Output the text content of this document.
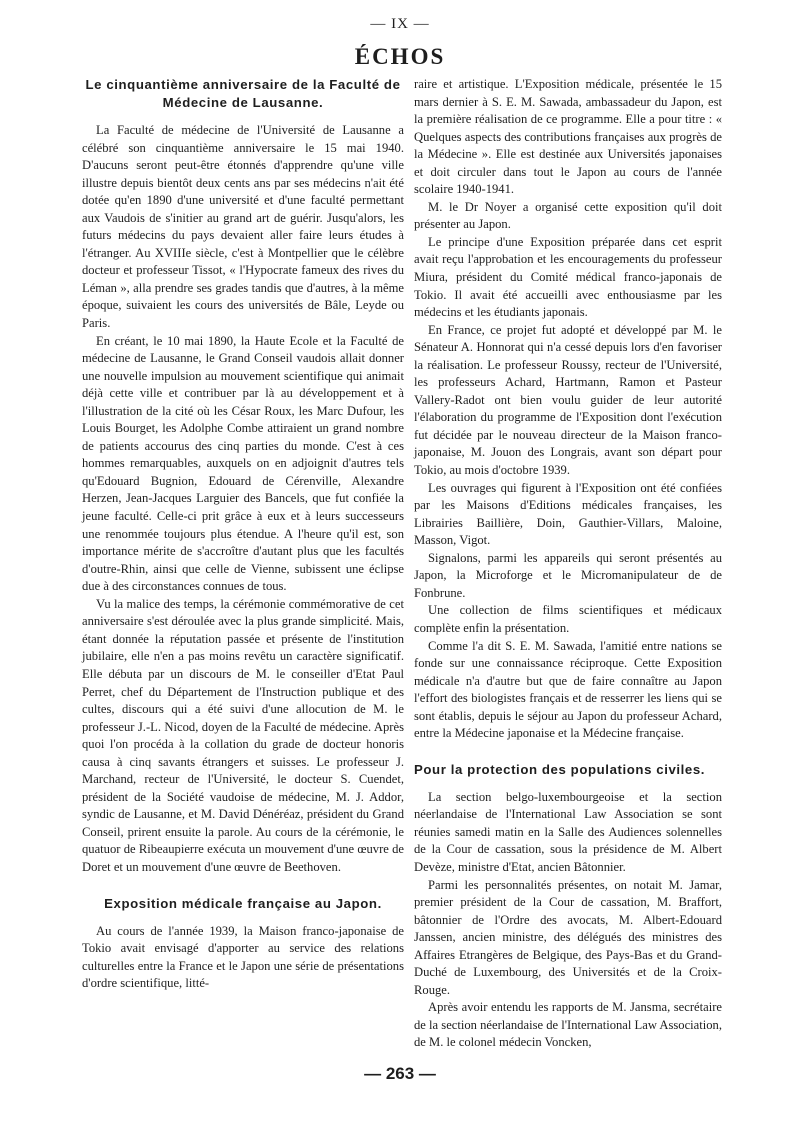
— IX —
ÉCHOS
Le cinquantième anniversaire de la Faculté de Médecine de Lausanne.

La Faculté de médecine de l'Université de Lausanne a célébré son cinquantième anniversaire le 15 mai 1940. D'aucuns seront peut-être étonnés d'apprendre qu'une ville illustre depuis bientôt deux cents ans par ses médecins n'ait été dotée qu'en 1890 d'une université et d'une faculté permettant aux Vaudois de s'initier au grand art de guérir. Jusqu'alors, les futurs médecins du pays devaient aller faire leurs études à l'étranger. Au XVIIIe siècle, c'est à Montpellier que le célèbre docteur et professeur Tissot, « l'Hypocrate fameux des rives du Léman », alla prendre ses grades tandis que d'autres, à la même époque, suivaient les cours des universités de Bâle, Leyde ou Paris.

En créant, le 10 mai 1890, la Haute Ecole et la Faculté de médecine de Lausanne, le Grand Conseil vaudois allait donner une nouvelle impulsion au mouvement scientifique qui animait déjà cette ville et contribuer par là au développement et à l'illustration de la cité où les César Roux, les Marc Dufour, les Louis Bourget, les Adolphe Combe attiraient un grand nombre de patients accourus des cinq parties du monde. C'est à ces hommes remarquables, auxquels on en adjoignit d'autres tels qu'Edouard Bugnion, Edouard de Cérenville, Alexandre Herzen, Jean-Jacques Larguier des Bancels, que fut confiée la jeune faculté. Celle-ci prit grâce à eux et à leurs successeurs une renommée toujours plus étendue. A l'heure qu'il est, son importance mérite de s'accroître d'autant plus que les facultés d'outre-Rhin, ainsi que celle de Vienne, subissent une éclipse due à des circonstances connues de tous.

Vu la malice des temps, la cérémonie commémorative de cet anniversaire s'est déroulée avec la plus grande simplicité. Mais, étant donnée la réputation passée et présente de l'institution jubilaire, elle n'en a pas moins revêtu un caractère significatif. Elle débuta par un discours de M. le conseiller d'Etat Paul Perret, chef du Département de l'Instruction publique et des cultes, discours qui a été suivi d'une allocution de M. le professeur J.-L. Nicod, doyen de la Faculté de médecine. Après quoi l'on procéda à la collation du grade de docteur honoris causa à cinq savants étrangers et suisses. Le professeur J. Marchand, recteur de l'Université, le docteur S. Cuendet, président de la Société vaudoise de médecine, M. J. Addor, syndic de Lausanne, et M. David Dénéréaz, président du Grand Conseil, prirent ensuite la parole. Au cours de la cérémonie, le quatuor de Ribeaupierre exécuta un mouvement d'une œuvre de Doret et un mouvement d'une œuvre de Beethoven.

Exposition médicale française au Japon.

Au cours de l'année 1939, la Maison franco-japonaise de Tokio avait envisagé d'apporter au service des relations culturelles entre la France et le Japon une série de présentations d'ordre scientifique, litté-

raire et artistique. L'Exposition médicale, présentée le 15 mars dernier à S. E. M. Sawada, ambassadeur du Japon, est la première réalisation de ce programme. Elle a pour titre : « Quelques aspects des contributions françaises aux progrès de la Médecine ». Elle est destinée aux Universités japonaises et doit circuler dans tout le Japon au cours de l'année scolaire 1940-1941.

M. le Dr Noyer a organisé cette exposition qu'il doit présenter au Japon.

Le principe d'une Exposition préparée dans cet esprit avait reçu l'approbation et les encouragements du professeur Miura, président du Comité médical franco-japonais de Tokio. Il avait été accueilli avec enthousiasme par les médecins et les étudiants japonais.

En France, ce projet fut adopté et développé par M. le Sénateur A. Honnorat qui n'a cessé depuis lors d'en favoriser la réalisation. Le professeur Roussy, recteur de l'Université, les professeurs Achard, Hartmann, Ramon et Pasteur Vallery-Radot ont bien voulu guider de leur autorité l'élaboration du programme de l'Exposition dont l'exécution fut décidée par le nouveau directeur de la Maison franco-japonaise, M. Jouon des Longrais, avant son départ pour Tokio, au mois d'octobre 1939.

Les ouvrages qui figurent à l'Exposition ont été confiées par les Maisons d'Editions médicales françaises, les Librairies Baillière, Doin, Gauthier-Villars, Maloine, Masson, Vigot.

Signalons, parmi les appareils qui seront présentés au Japon, la Microforge et le Micromanipulateur de de Fonbrune.

Une collection de films scientifiques et médicaux complète enfin la présentation.

Comme l'a dit S. E. M. Sawada, l'amitié entre nations se fonde sur une connaissance réciproque. Cette Exposition médicale n'a d'autre but que de faire connaître au Japon l'effort des biologistes français et de resserrer les liens qui se sont établis, depuis le séjour au Japon du professeur Achard, entre la Médecine japonaise et la Médecine française.

Pour la protection des populations civiles.

La section belgo-luxembourgeoise et la section néerlandaise de l'International Law Association se sont réunies samedi matin en la Salle des Audiences solennelles de la Cour de cassation, sous la présidence de M. Albert Devèze, ministre d'Etat, ancien Bâtonnier.

Parmi les personnalités présentes, on notait M. Jamar, premier président de la Cour de cassation, M. Braffort, bâtonnier de l'Ordre des avocats, M. Albert-Edouard Janssen, ancien ministre, des délégués des ministres des Affaires Etrangères de Belgique, des Pays-Bas et du Grand-Duché de Luxembourg, des Universités et de la Croix-Rouge.

Après avoir entendu les rapports de M. Jansma, secrétaire de la section néerlandaise de l'International Law Association, de M. le colonel médecin Voncken,

— 263 —
